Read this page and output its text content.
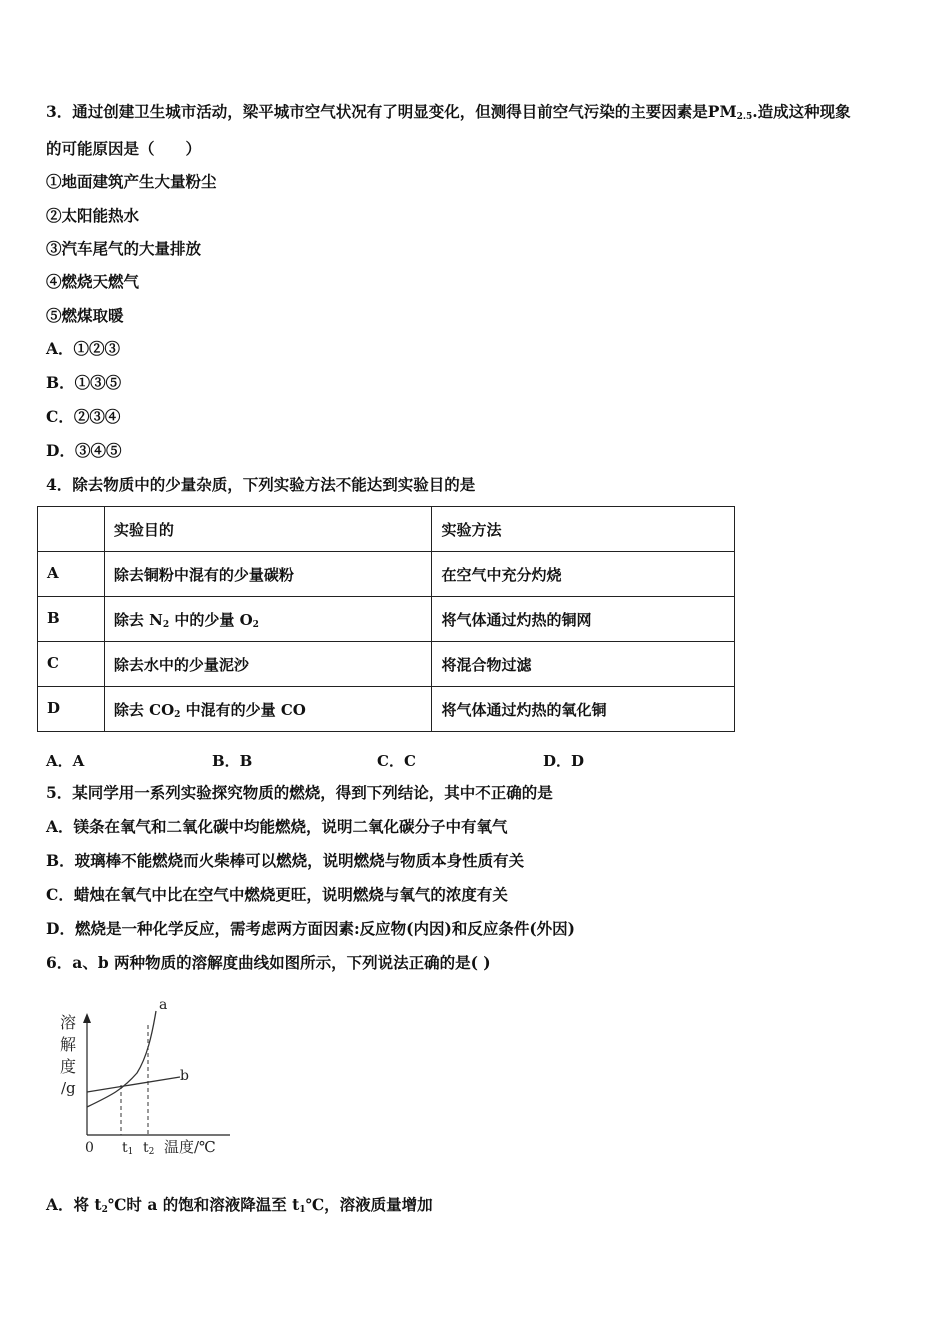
3．通过创建卫生城市活动，梁平城市空气状况有了明显变化，但测得目前空气污染的主要因素是$PM_{2.5}$.造成这种现象
的可能原因是（　　）
①地面建筑产生大量粉尘
②太阳能热水
③汽车尾气的大量排放
④燃烧天燃气
⑤燃煤取暖
A．①②③
B．①③⑤
C．②③④
D．③④⑤
4．除去物质中的少量杂质，下列实验方法不能达到实验目的是
	实验目的	实验方法
A	除去铜粉中混有的少量碳粉	在空气中充分灼烧
B	除去 $N_2$ 中的少量 $O_2$	将气体通过灼热的铜网
C	除去水中的少量泥沙	将混合物过滤
D	除去 $CO_2$ 中混有的少量 CO	将气体通过灼热的氧化铜
A．A	B．B	C．C	D．D
5．某同学用一系列实验探究物质的燃烧，得到下列结论，其中不正确的是
A．镁条在氧气和二氧化碳中均能燃烧，说明二氧化碳分子中有氧气
B．玻璃棒不能燃烧而火柴棒可以燃烧，说明燃烧与物质本身性质有关
C．蜡烛在氧气中比在空气中燃烧更旺，说明燃烧与氧气的浓度有关
D．燃烧是一种化学反应，需考虑两方面因素:反应物(内因)和反应条件(外因)
6．a、b 两种物质的溶解度曲线如图所示，下列说法正确的是( )
溶
解
度
/g
a
b
0 t1 t2 温度/℃
A．将 $t_2℃$时 a 的饱和溶液降温至 $t_1℃$，溶液质量增加
